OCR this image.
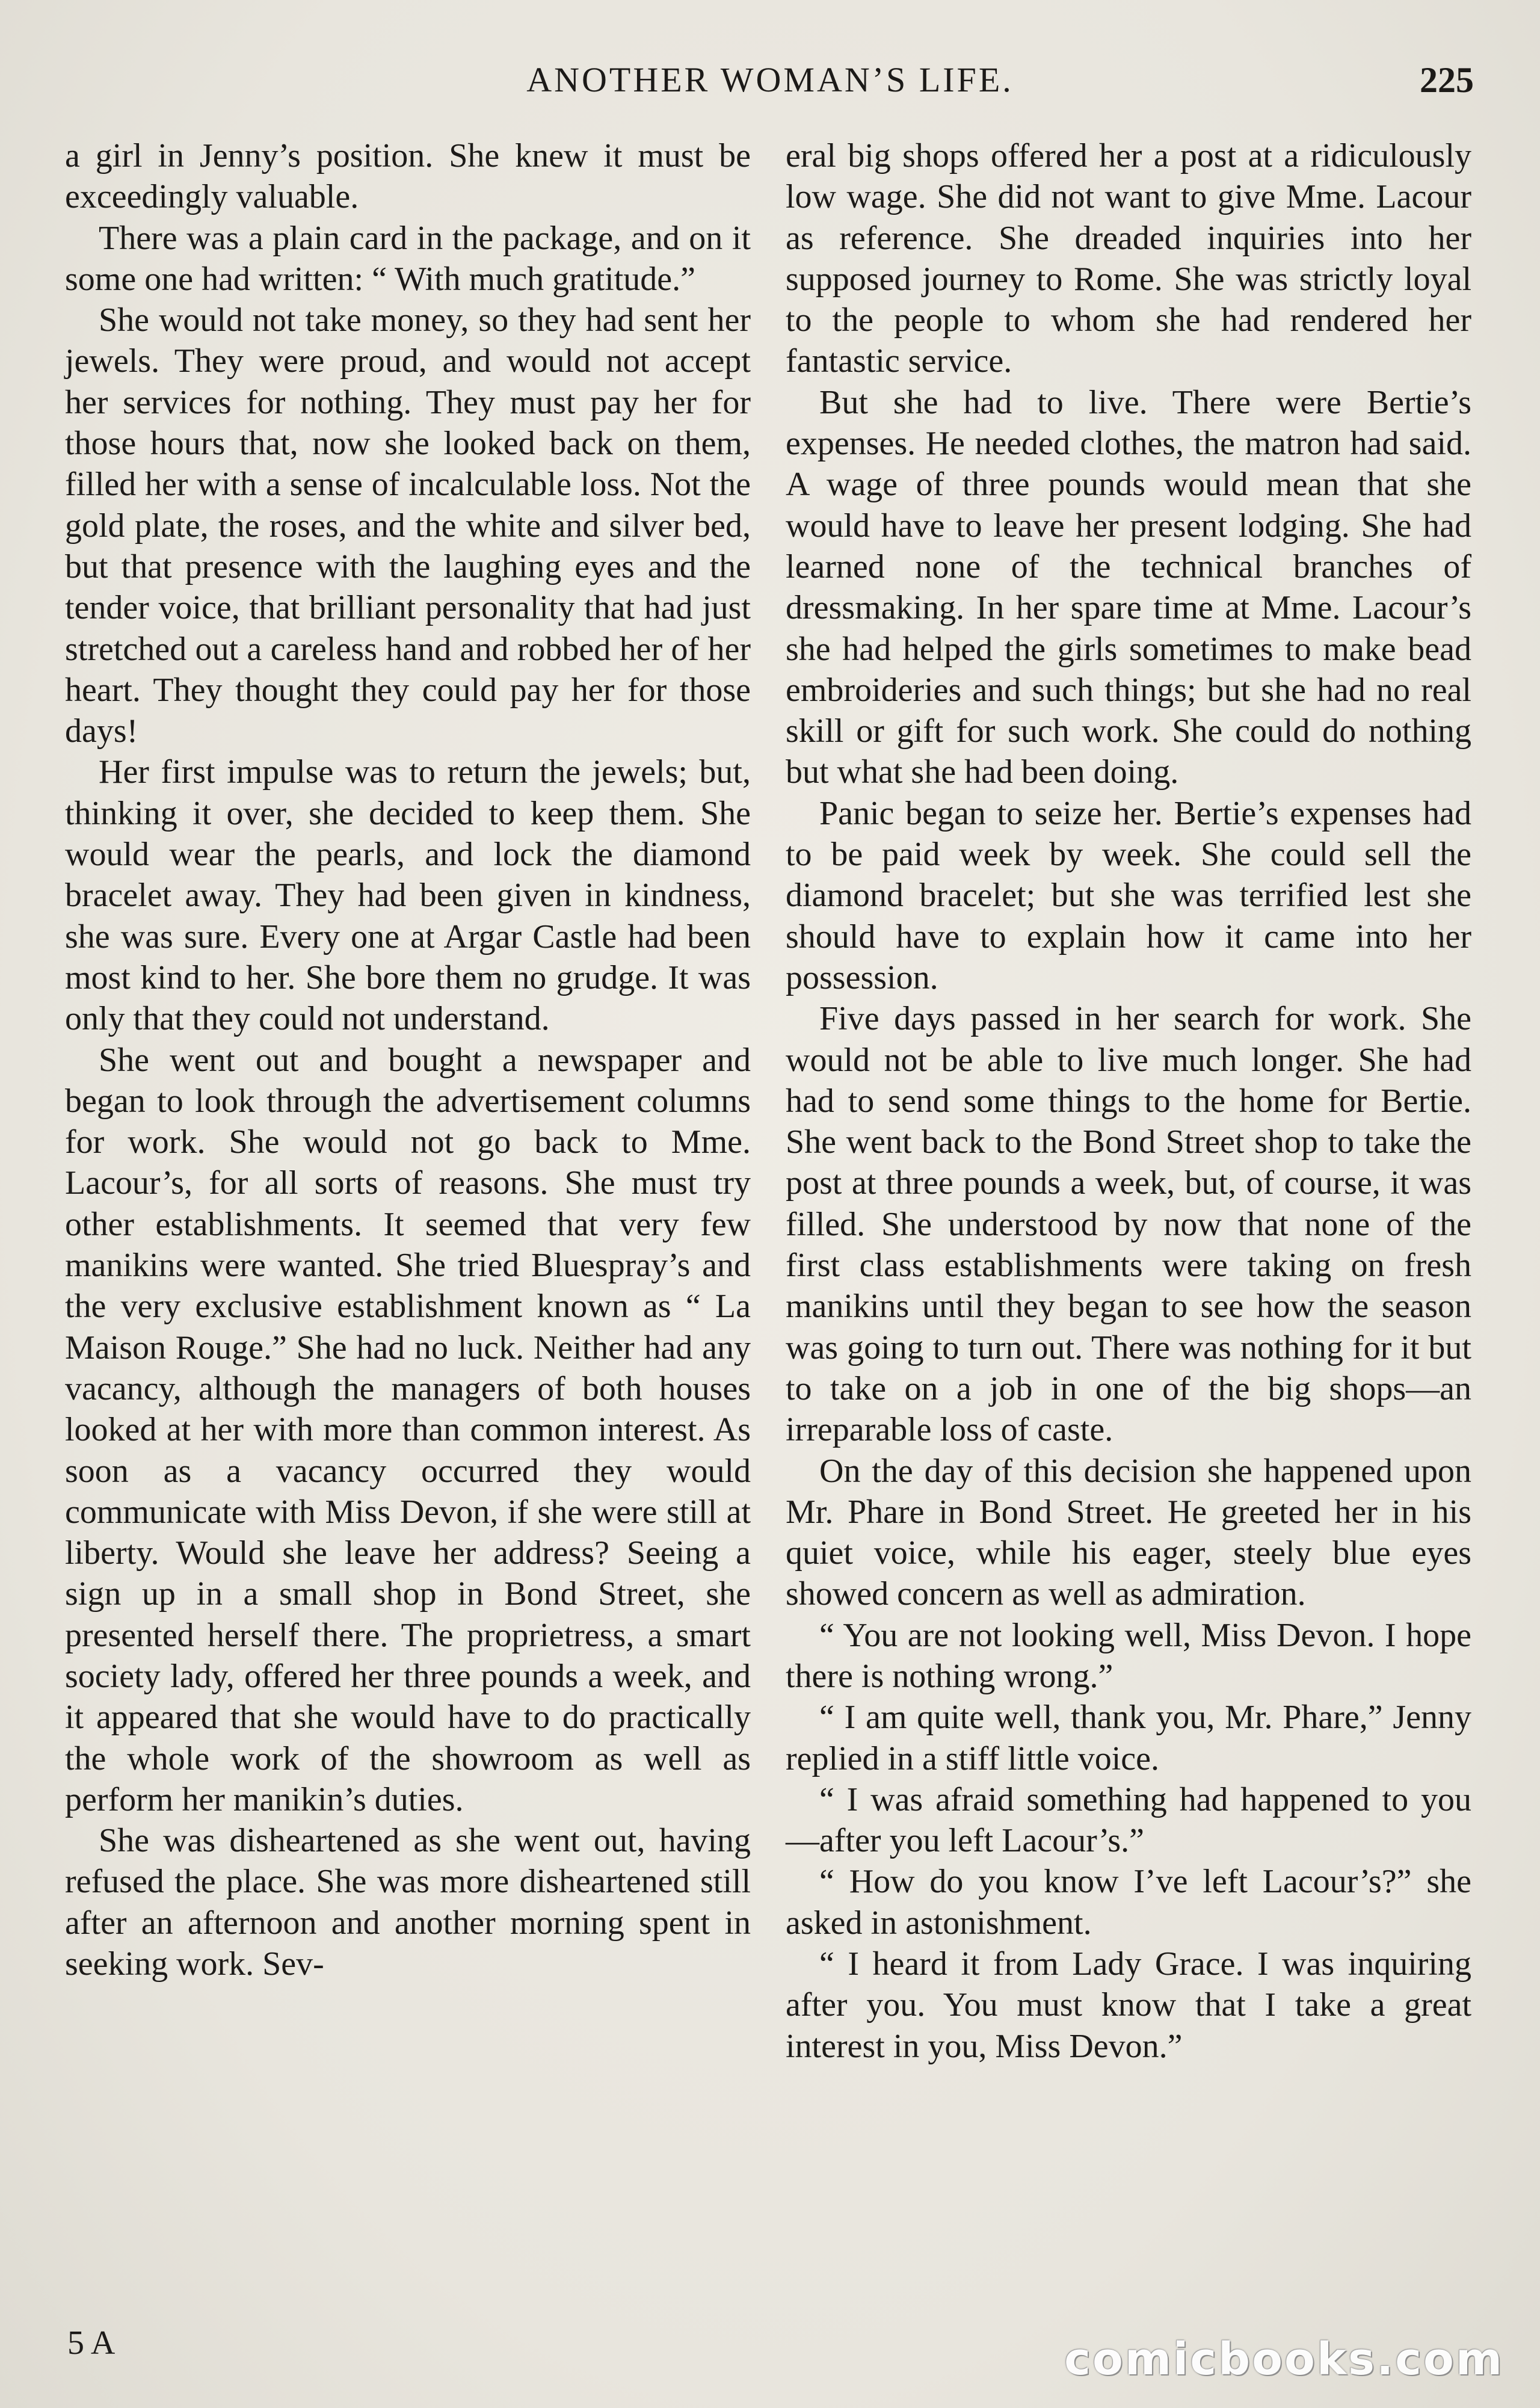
ANOTHER WOMAN’S LIFE.	225

a girl in Jenny’s position. She knew it must be exceedingly valuable.

There was a plain card in the package, and on it some one had written: “ With much gratitude.”

She would not take money, so they had sent her jewels. They were proud, and would not accept her services for nothing. They must pay her for those hours that, now she looked back on them, filled her with a sense of incalculable loss. Not the gold plate, the roses, and the white and silver bed, but that presence with the laughing eyes and the tender voice, that brilliant personality that had just stretched out a careless hand and robbed her of her heart. They thought they could pay her for those days!

Her first impulse was to return the jewels; but, thinking it over, she decided to keep them. She would wear the pearls, and lock the diamond bracelet away. They had been given in kindness, she was sure. Every one at Argar Castle had been most kind to her. She bore them no grudge. It was only that they could not understand.

She went out and bought a newspaper and began to look through the advertisement columns for work. She would not go back to Mme. Lacour’s, for all sorts of reasons. She must try other establishments. It seemed that very few manikins were wanted. She tried Bluespray’s and the very exclusive establishment known as “ La Maison Rouge.” She had no luck. Neither had any vacancy, although the managers of both houses looked at her with more than common interest. As soon as a vacancy occurred they would communicate with Miss Devon, if she were still at liberty. Would she leave her address? Seeing a sign up in a small shop in Bond Street, she presented herself there. The proprietress, a smart society lady, offered her three pounds a week, and it appeared that she would have to do practically the whole work of the showroom as well as perform her manikin’s duties.

She was disheartened as she went out, having refused the place. She was more disheartened still after an afternoon and another morning spent in seeking work. Sev-

eral big shops offered her a post at a ridiculously low wage. She did not want to give Mme. Lacour as reference. She dreaded inquiries into her supposed journey to Rome. She was strictly loyal to the people to whom she had rendered her fantastic service.

But she had to live. There were Bertie’s expenses. He needed clothes, the matron had said. A wage of three pounds would mean that she would have to leave her present lodging. She had learned none of the technical branches of dressmaking. In her spare time at Mme. Lacour’s she had helped the girls sometimes to make bead embroideries and such things; but she had no real skill or gift for such work. She could do nothing but what she had been doing.

Panic began to seize her. Bertie’s expenses had to be paid week by week. She could sell the diamond bracelet; but she was terrified lest she should have to explain how it came into her possession.

Five days passed in her search for work. She would not be able to live much longer. She had had to send some things to the home for Bertie. She went back to the Bond Street shop to take the post at three pounds a week, but, of course, it was filled. She understood by now that none of the first class establishments were taking on fresh manikins until they began to see how the season was going to turn out. There was nothing for it but to take on a job in one of the big shops—an irreparable loss of caste.

On the day of this decision she happened upon Mr. Phare in Bond Street. He greeted her in his quiet voice, while his eager, steely blue eyes showed concern as well as admiration.

“ You are not looking well, Miss Devon. I hope there is nothing wrong.”

“ I am quite well, thank you, Mr. Phare,” Jenny replied in a stiff little voice.

“ I was afraid something had happened to you—after you left Lacour’s.”

“ How do you know I’ve left Lacour’s?” she asked in astonishment.

“ I heard it from Lady Grace. I was inquiring after you. You must know that I take a great interest in you, Miss Devon.”

5 A	comicbooks.com
